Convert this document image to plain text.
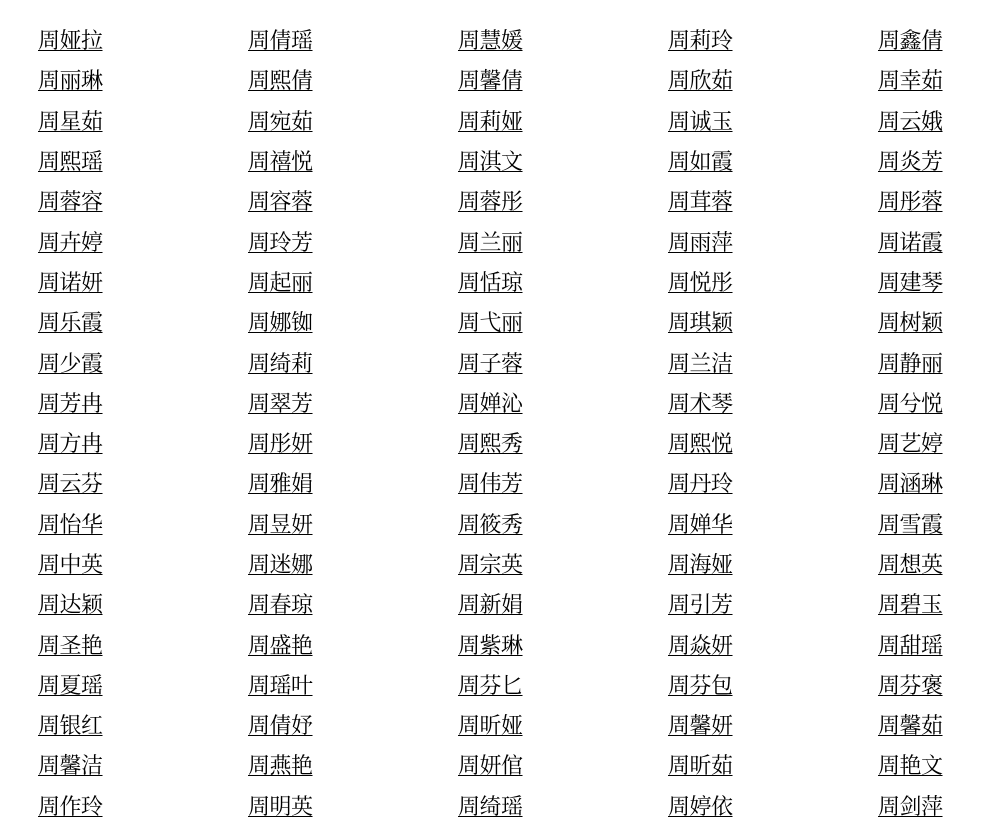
周娅拉	周倩瑶	周慧媛	周莉玲	周鑫倩
周丽琳	周熙倩	周馨倩	周欣茹	周幸茹
周星茹	周宛茹	周莉娅	周诚玉	周云娥
周熙瑶	周禧悦	周淇文	周如霞	周炎芳
周蓉容	周容蓉	周蓉彤	周茸蓉	周彤蓉
周卉婷	周玲芳	周兰丽	周雨萍	周诺霞
周诺妍	周起丽	周恬琼	周悦彤	周建琴
周乐霞	周娜铷	周弋丽	周琪颖	周树颖
周少霞	周绮莉	周子蓉	周兰洁	周静丽
周芳冉	周翠芳	周婵沁	周术琴	周兮悦
周方冉	周彤妍	周熙秀	周熙悦	周艺婷
周云芬	周雅娟	周伟芳	周丹玲	周涵琳
周怡华	周昱妍	周筱秀	周婵华	周雪霞
周中英	周迷娜	周宗英	周海娅	周想英
周达颖	周春琼	周新娟	周引芳	周碧玉
周圣艳	周盛艳	周紫琳	周焱妍	周甜瑶
周夏瑶	周瑶叶	周芬匕	周芬包	周芬褒
周银红	周倩妤	周昕娅	周馨妍	周馨茹
周馨洁	周燕艳	周妍倌	周昕茹	周艳文
周作玲	周明英	周绮瑶	周婷依	周剑萍
